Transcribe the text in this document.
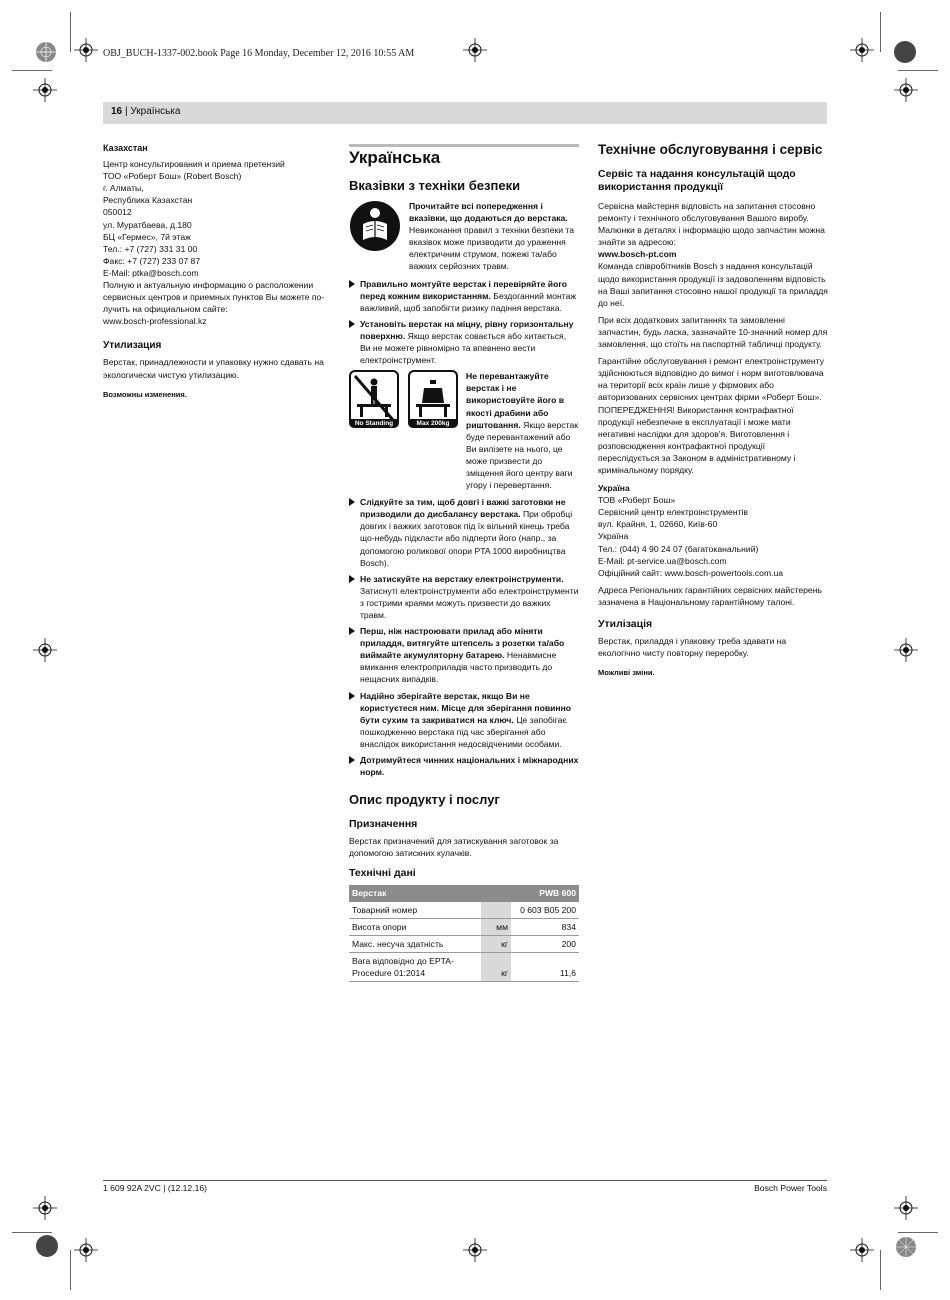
OBJ_BUCH-1337-002.book Page 16 Monday, December 12, 2016 10:55 AM
16 | Українська
Казахстан
Центр консультирования и приема претензий
ТОО «Роберт Бош» (Robert Bosch)
г. Алматы,
Республика Казахстан
050012
ул. Муратбаева, д.180
БЦ «Гермес», 7й этаж
Тел.: +7 (727) 331 31 00
Факс: +7 (727) 233 07 87
E-Mail: ptka@bosch.com
Полную и актуальную информацию о расположении
сервисных центров и приемных пунктов Вы можете по-
лучить на официальном сайте:
www.bosch-professional.kz
Утилизация

Верстак, принадлежности и упаковку нужно сдавать на экологически чистую утилизацию.

Возможны изменения.
Українська
Вказівки з техніки безпеки
Прочитайте всі попередження і вказівки, що додаються до верстака. Невиконання правил з техніки безпеки та вказівок може призводити до ураження електричним струмом, пожежі та/або важких серйозних травм.
Правильно монтуйте верстак і перевіряйте його перед кожним використанням. Бездоганний монтаж важливий, щоб запобігти ризику падіння верстака.
Установіть верстак на міцну, рівну горизонтальну поверхню. Якщо верстак совається або хитається, Ви не можете рівномірно та впевнено вести електроінструмент.
No Standing	Max 200kg
Не перевантажуйте верстак і не використовуйте його в якості драбини або риштовання. Якщо верстак буде перевантажений або Ви вилізете на нього, це може призвести до зміщення його центру ваги угору і перевертання.
Слідкуйте за тим, щоб довгі і важкі заготовки не призводили до дисбалансу верстака. При обробці довгих і важких заготовок під їх вільний кінець треба що-небудь підкласти або підперти його (напр., за допомогою роликової опори PTA 1000 виробництва Bosch).
Не затискуйте на верстаку електроінструменти. Затиснуті електроінструменти або електроінструменти з гострими краями можуть призвести до важких травм.
Перш, ніж настроювати прилад або міняти приладдя, витягуйте штепсель з розетки та/або виймайте акумуляторну батарею. Ненавмисне вмикання електроприладів часто призводить до нещасних випадків.
Надійно зберігайте верстак, якщо Ви не користуєтеся ним. Місце для зберігання повинно бути сухим та закриватися на ключ. Це запобігає пошкодженню верстака під час зберігання або внаслідок використання недосвідченими особами.
Дотримуйтеся чинних національних і міжнародних норм.
Опис продукту і послуг
Призначення

Верстак призначений для затискування заготовок за допомогою затискних кулачків.

Технічні дані
Верстак		PWB 600
Товарний номер		0 603 B05 200
Висота опори	мм	834
Макс. несуча здатність	кг	200
Вага відповідно до EPTA-Procedure 01:2014	кг	11,6
Технічне обслуговування і сервіс
Сервіс та надання консультацій щодо використання продукції

Сервісна майстерня відповість на запитання стосовно ремонту і технічного обслуговування Вашого виробу. Малюнки в деталях і інформацію щодо запчастин можна знайти за адресою:

www.bosch-pt.com

Команда співробітників Bosch з надання консультацій щодо використання продукції із задоволенням відповість на Ваші запитання стосовно нашої продукції та приладдя до неї.

При всіх додаткових запитаннях та замовленні запчастин, будь ласка, зазначайте 10-значний номер для замовлення, що стоїть на паспортній табличці продукту.

Гарантійне обслуговування і ремонт електроінструменту здійснюються відповідно до вимог і норм виготовлювача на території всіх країн лише у фірмових або авторизованих сервісних центрах фірми «Роберт Бош».

ПОПЕРЕДЖЕННЯ! Використання контрафактної продукції небезпечне в експлуатації і може мати негативні наслідки для здоров'я. Виготовлення і розповсюдження контрафактної продукції переслідується за Законом в адміністративному і кримінальному порядку.

Україна
ТОВ «Роберт Бош»
Сервісний центр електроінструментів
вул. Крайня, 1, 02660, Київ-60
Україна
Тел.: (044) 4 90 24 07 (багатоканальний)
E-Mail: pt-service.ua@bosch.com
Офіційний сайт: www.bosch-powertools.com.ua

Адреса Регіональних гарантійних сервісних майстерень зазначена в Національному гарантійному талоні.

Утилізація

Верстак, приладдя і упаковку треба здавати на екологічно чисту повторну переробку.

Можливі зміни.
1 609 92A 2VC | (12.12.16)	Bosch Power Tools
